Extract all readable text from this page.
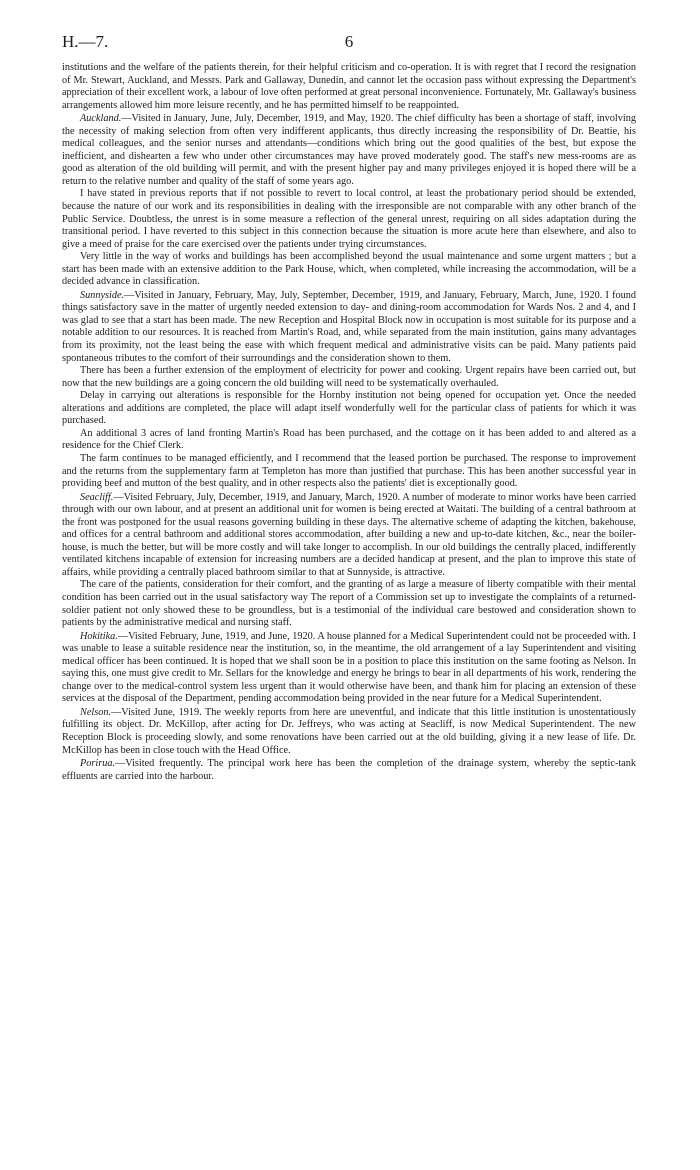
H.—7.	6

institutions and the welfare of the patients therein, for their helpful criticism and co-operation. It is with regret that I record the resignation of Mr. Stewart, Auckland, and Messrs. Park and Gallaway, Dunedin, and cannot let the occasion pass without expressing the Department's appreciation of their excellent work, a labour of love often performed at great personal inconvenience. Fortunately, Mr. Gallaway's business arrangements allowed him more leisure recently, and he has permitted himself to be reappointed.

Auckland.—Visited in January, June, July, December, 1919, and May, 1920. The chief difficulty has been a shortage of staff, involving the necessity of making selection from often very indifferent applicants, thus directly increasing the responsibility of Dr. Beattie, his medical colleagues, and the senior nurses and attendants—conditions which bring out the good qualities of the best, but expose the inefficient, and dishearten a few who under other circumstances may have proved moderately good. The staff's new mess-rooms are as good as alteration of the old building will permit, and with the present higher pay and many privileges enjoyed it is hoped there will be a return to the relative number and quality of the staff of some years ago.

I have stated in previous reports that if not possible to revert to local control, at least the probationary period should be extended, because the nature of our work and its responsibilities in dealing with the irresponsible are not comparable with any other branch of the Public Service. Doubtless, the unrest is in some measure a reflection of the general unrest, requiring on all sides adaptation during the transitional period. I have reverted to this subject in this connection because the situation is more acute here than elsewhere, and also to give a meed of praise for the care exercised over the patients under trying circumstances.

Very little in the way of works and buildings has been accomplished beyond the usual maintenance and some urgent matters ; but a start has been made with an extensive addition to the Park House, which, when completed, while increasing the accommodation, will be a decided advance in classification.

Sunnyside.—Visited in January, February, May, July, September, December, 1919, and January, February, March, June, 1920. I found things satisfactory save in the matter of urgently needed extension to day- and dining-room accommodation for Wards Nos. 2 and 4, and I was glad to see that a start has been made. The new Reception and Hospital Block now in occupation is most suitable for its purpose and a notable addition to our resources. It is reached from Martin's Road, and, while separated from the main institution, gains many advantages from its proximity, not the least being the ease with which frequent medical and administrative visits can be paid. Many patients paid spontaneous tributes to the comfort of their surroundings and the consideration shown to them.

There has been a further extension of the employment of electricity for power and cooking. Urgent repairs have been carried out, but now that the new buildings are a going concern the old building will need to be systematically overhauled.

Delay in carrying out alterations is responsible for the Hornby institution not being opened for occupation yet. Once the needed alterations and additions are completed, the place will adapt itself wonderfully well for the particular class of patients for which it was purchased.

An additional 3 acres of land fronting Martin's Road has been purchased, and the cottage on it has been added to and altered as a residence for the Chief Clerk.

The farm continues to be managed efficiently, and I recommend that the leased portion be purchased. The response to improvement and the returns from the supplementary farm at Templeton has more than justified that purchase. This has been another successful year in providing beef and mutton of the best quality, and in other respects also the patients' diet is exceptionally good.

Seacliff.—Visited February, July, December, 1919, and January, March, 1920. A number of moderate to minor works have been carried through with our own labour, and at present an additional unit for women is being erected at Waitati. The building of a central bathroom at the front was postponed for the usual reasons governing building in these days. The alternative scheme of adapting the kitchen, bakehouse, and offices for a central bathroom and additional stores accommodation, after building a new and up-to-date kitchen, &c., near the boiler-house, is much the better, but will be more costly and will take longer to accomplish. In our old buildings the centrally placed, indifferently ventilated kitchens incapable of extension for increasing numbers are a decided handicap at present, and the plan to improve this state of affairs, while providing a centrally placed bathroom similar to that at Sunnyside, is attractive.

The care of the patients, consideration for their comfort, and the granting of as large a measure of liberty compatible with their mental condition has been carried out in the usual satisfactory way The report of a Commission set up to investigate the complaints of a returned-soldier patient not only showed these to be groundless, but is a testimonial of the individual care bestowed and consideration shown to patients by the administrative medical and nursing staff.

Hokitika.—Visited February, June, 1919, and June, 1920. A house planned for a Medical Superintendent could not be proceeded with. I was unable to lease a suitable residence near the institution, so, in the meantime, the old arrangement of a lay Superintendent and visiting medical officer has been continued. It is hoped that we shall soon be in a position to place this institution on the same footing as Nelson. In saying this, one must give credit to Mr. Sellars for the knowledge and energy he brings to bear in all departments of his work, rendering the change over to the medical-control system less urgent than it would otherwise have been, and thank him for placing an extension of these services at the disposal of the Department, pending accommodation being provided in the near future for a Medical Superintendent.

Nelson.—Visited June, 1919. The weekly reports from here are uneventful, and indicate that this little institution is unostentatiously fulfilling its object. Dr. McKillop, after acting for Dr. Jeffreys, who was acting at Seacliff, is now Medical Superintendent. The new Reception Block is proceeding slowly, and some renovations have been carried out at the old building, giving it a new lease of life. Dr. McKillop has been in close touch with the Head Office.

Porirua.—Visited frequently. The principal work here has been the completion of the drainage system, whereby the septic-tank effluents are carried into the harbour.
